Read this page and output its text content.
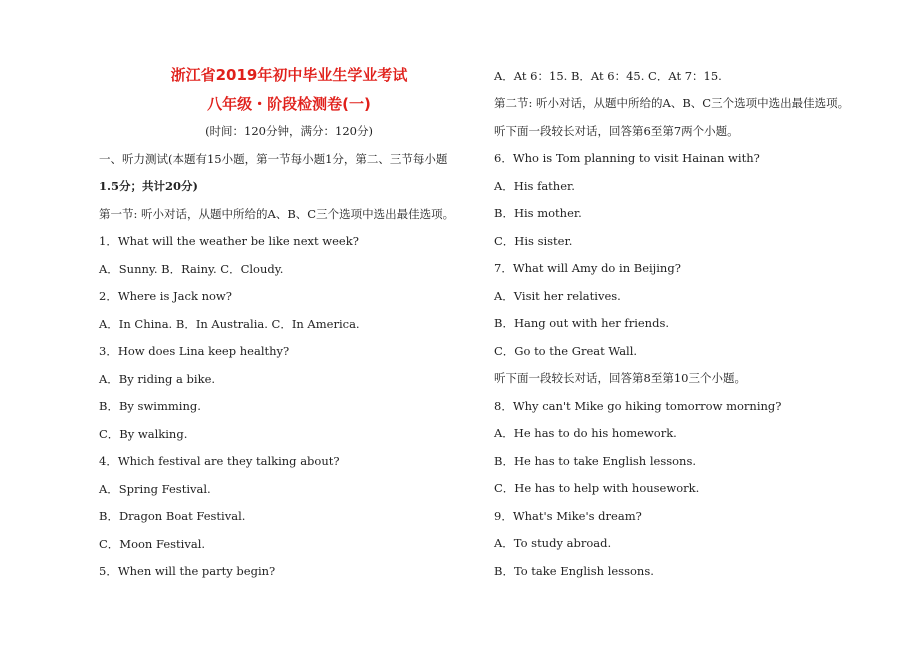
浙江省2019年初中毕业生学业考试
八年级・阶段检测卷(一)
(时间：120分钟，满分：120分)
一、听力测试(本题有15小题，第一节每小题1分，第二、三节每小题
1.5分；共计20分)
第一节: 听小对话，从题中所给的A、B、C三个选项中选出最佳选项。
1．What will the weather be like next week?
A．Sunny. B．Rainy. C．Cloudy.
2．Where is Jack now?
A．In China. B．In Australia. C．In America.
3．How does Lina keep healthy?
A．By riding a bike.
B．By swimming.
C．By walking.
4．Which festival are they talking about?
A．Spring Festival.
B．Dragon Boat Festival.
C．Moon Festival.
5．When will the party begin?
A．At 6：15. B．At 6：45. C．At 7：15.
第二节: 听小对话，从题中所给的A、B、C三个选项中选出最佳选项。
听下面一段较长对话，回答第6至第7两个小题。
6．Who is Tom planning to visit Hainan with?
A．His father.
B．His mother.
C．His sister.
7．What will Amy do in Beijing?
A．Visit her relatives.
B．Hang out with her friends.
C．Go to the Great Wall.
听下面一段较长对话，回答第8至第10三个小题。
8．Why can't Mike go hiking tomorrow morning?
A．He has to do his homework.
B．He has to take English lessons.
C．He has to help with housework.
9．What's Mike's dream?
A．To study abroad.
B．To take English lessons.
